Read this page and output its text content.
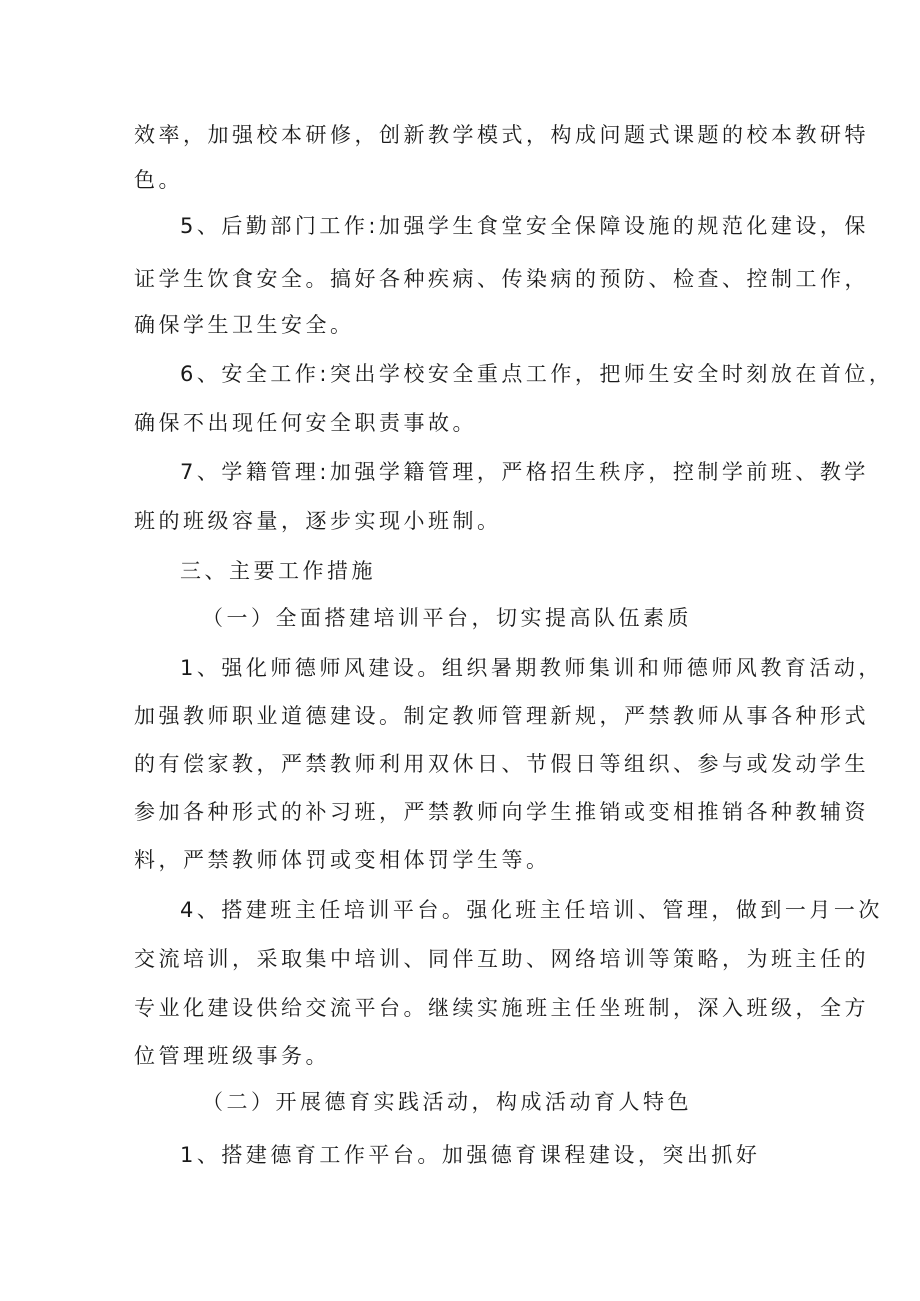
效率，加强校本研修，创新教学模式，构成问题式课题的校本教研特
色。
5、后勤部门工作:加强学生食堂安全保障设施的规范化建设，保
证学生饮食安全。搞好各种疾病、传染病的预防、检查、控制工作，
确保学生卫生安全。
6、安全工作:突出学校安全重点工作，把师生安全时刻放在首位，
确保不出现任何安全职责事故。
7、学籍管理:加强学籍管理，严格招生秩序，控制学前班、教学
班的班级容量，逐步实现小班制。
三、主要工作措施
（一）全面搭建培训平台，切实提高队伍素质
1、强化师德师风建设。组织暑期教师集训和师德师风教育活动，
加强教师职业道德建设。制定教师管理新规，严禁教师从事各种形式
的有偿家教，严禁教师利用双休日、节假日等组织、参与或发动学生
参加各种形式的补习班，严禁教师向学生推销或变相推销各种教辅资
料，严禁教师体罚或变相体罚学生等。
4、搭建班主任培训平台。强化班主任培训、管理，做到一月一次
交流培训，采取集中培训、同伴互助、网络培训等策略，为班主任的
专业化建设供给交流平台。继续实施班主任坐班制，深入班级，全方
位管理班级事务。
（二）开展德育实践活动，构成活动育人特色
1、搭建德育工作平台。加强德育课程建设，突出抓好
